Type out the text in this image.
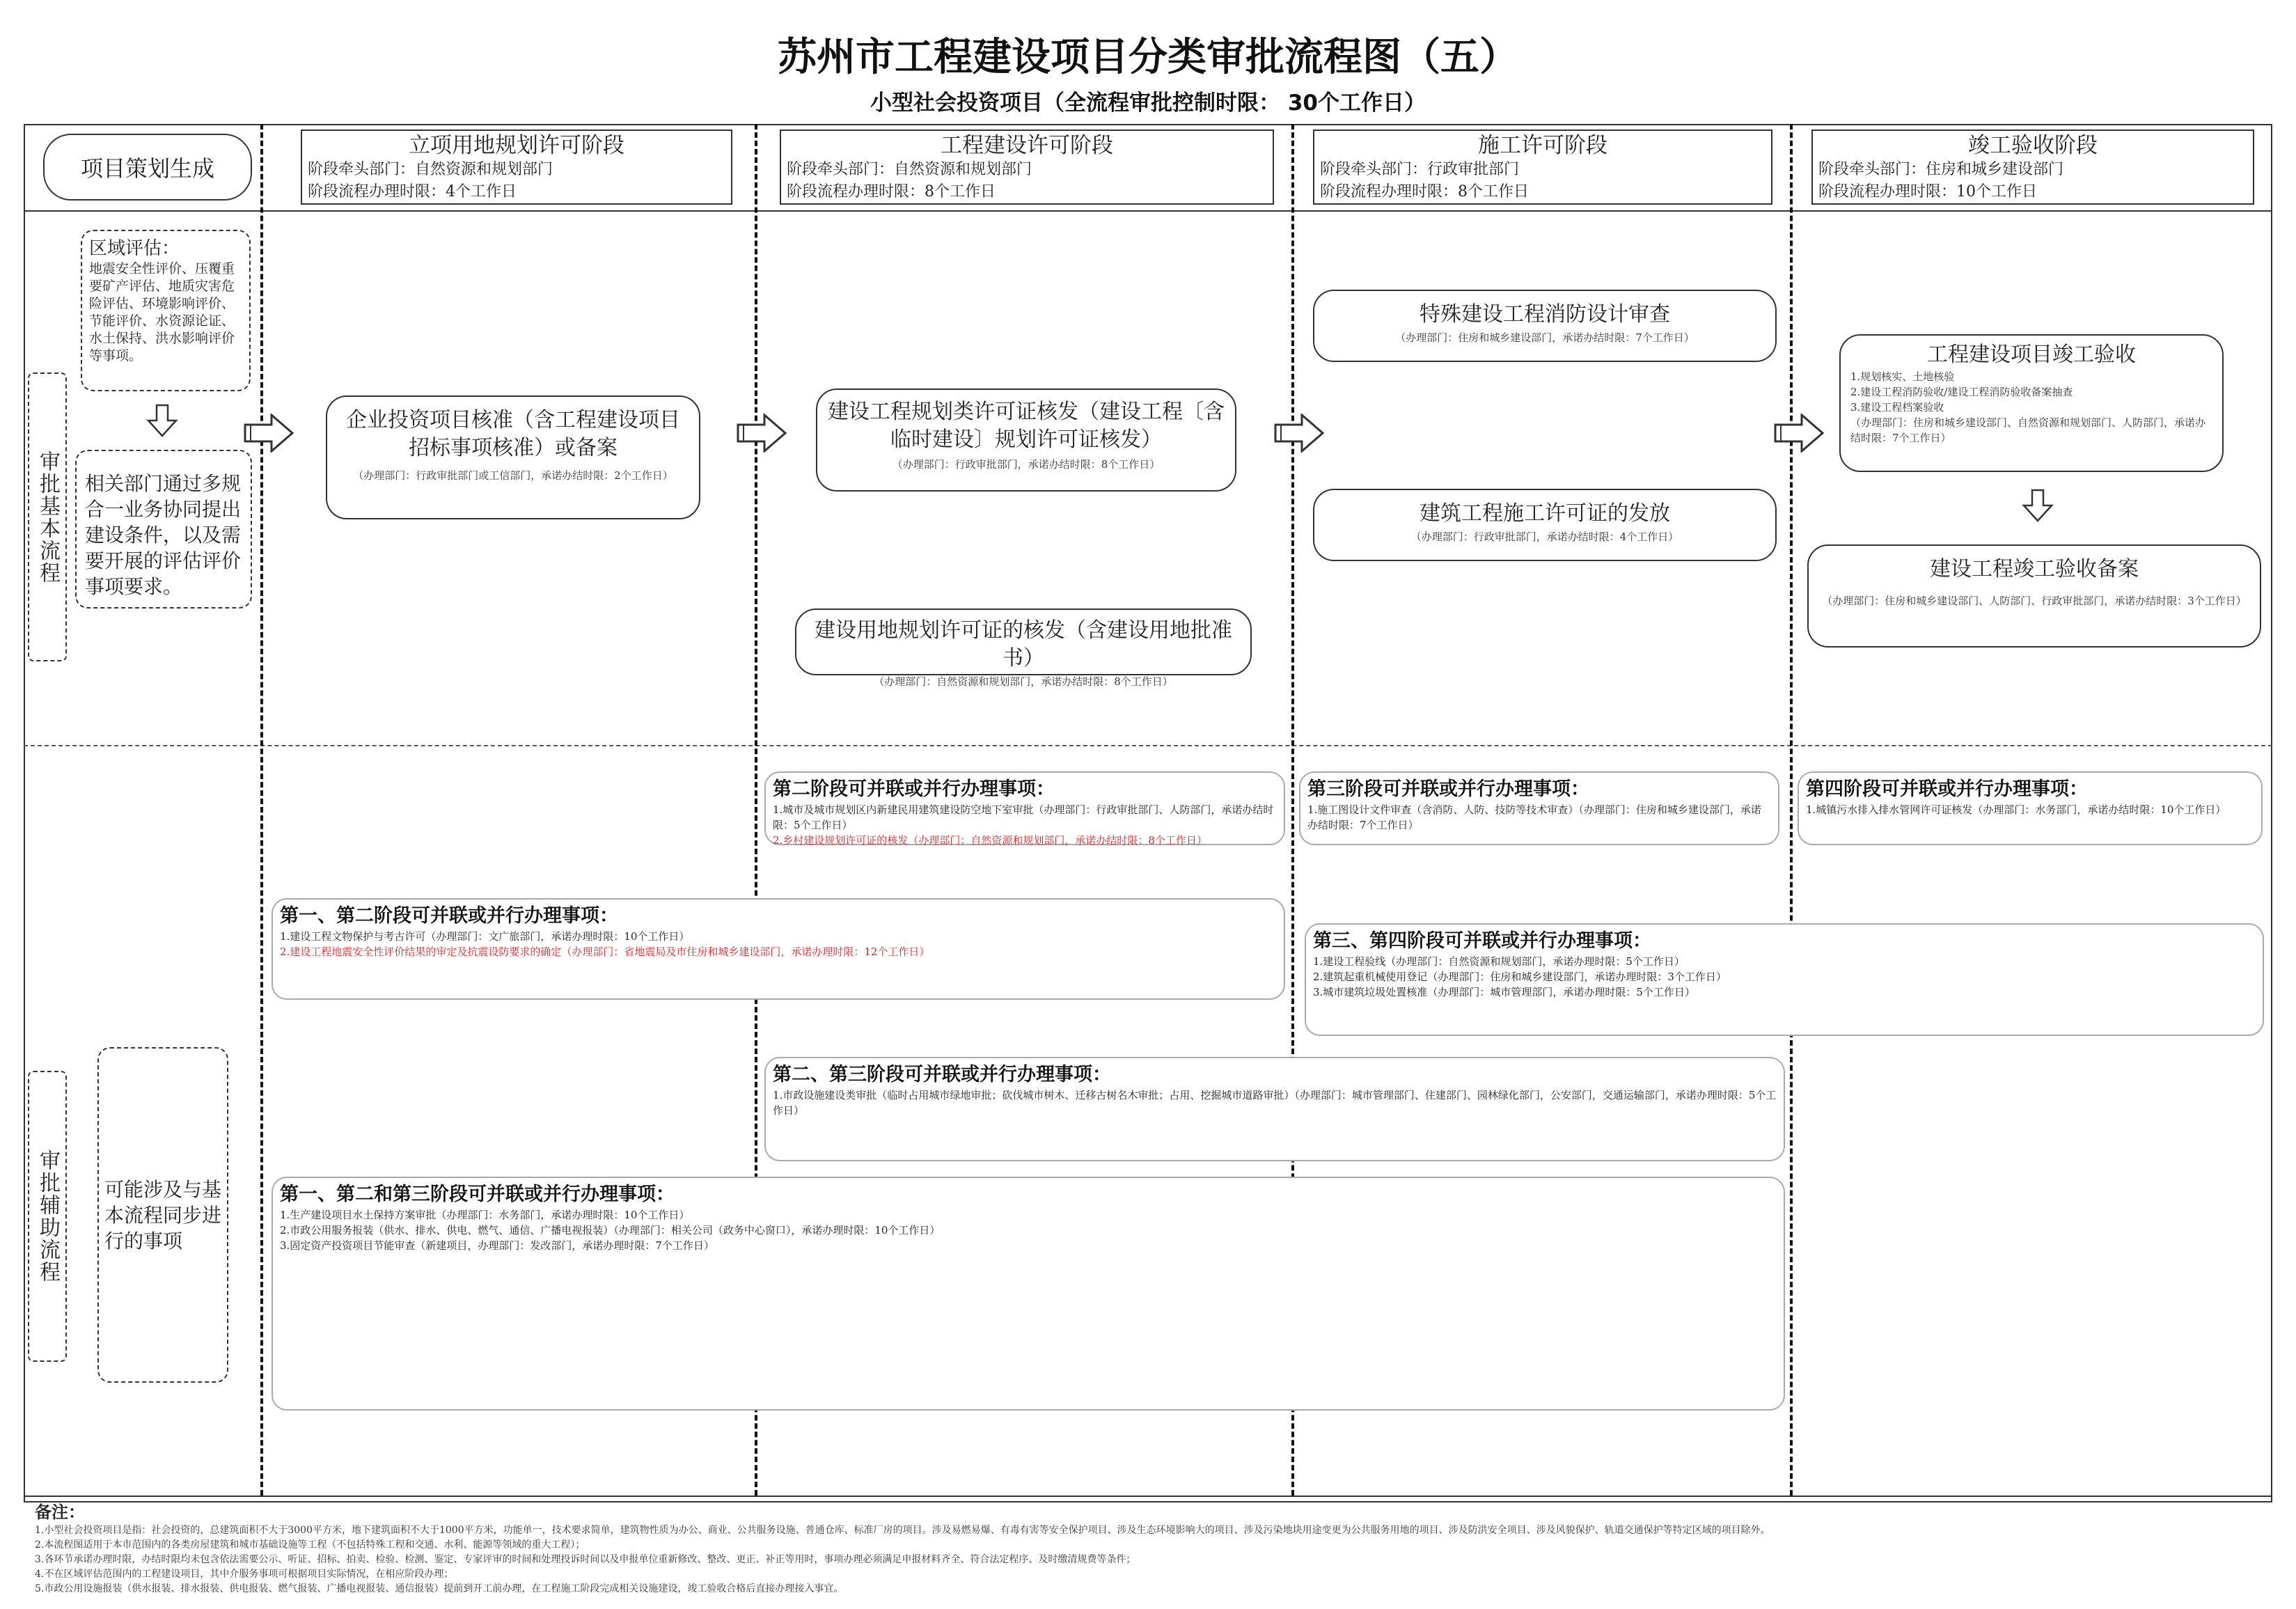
苏州市工程建设项目分类审批流程图（五）
小型社会投资项目（全流程审批控制时限： 30个工作日）
项目策划生成
立项用地规划许可阶段
阶段牵头部门：自然资源和规划部门
阶段流程办理时限：4个工作日
工程建设许可阶段
阶段牵头部门：自然资源和规划部门
阶段流程办理时限：8个工作日
施工许可阶段
阶段牵头部门：行政审批部门
阶段流程办理时限：8个工作日
竣工验收阶段
阶段牵头部门：住房和城乡建设部门
阶段流程办理时限：10个工作日
审批基本流程
审批辅助流程
区域评估：
地震安全性评价、压覆重要矿产评估、地质灾害危险评估、环境影响评价、节能评价、水资源论证、水土保持、洪水影响评价等事项。
相关部门通过多规合一业务协同提出建设条件，以及需要开展的评估评价事项要求。
可能涉及与基本流程同步进行的事项
企业投资项目核准（含工程建设项目招标事项核准）或备案
（办理部门：行政审批部门或工信部门，承诺办结时限：2个工作日）
建设工程规划类许可证核发（建设工程〔含临时建设〕规划许可证核发）
（办理部门：行政审批部门，承诺办结时限：8个工作日）
建设用地规划许可证的核发（含建设用地批准书）
（办理部门：自然资源和规划部门，承诺办结时限：8个工作日）
特殊建设工程消防设计审查
（办理部门：住房和城乡建设部门，承诺办结时限：7个工作日）
建筑工程施工许可证的发放
（办理部门：行政审批部门，承诺办结时限：4个工作日）
工程建设项目竣工验收
1.规划核实、土地核验
2.建设工程消防验收/建设工程消防验收备案抽查
3.建设工程档案验收
（办理部门：住房和城乡建设部门、自然资源和规划部门、人防部门，承诺办结时限：7个工作日）
建设工程竣工验收备案
（办理部门：住房和城乡建设部门、人防部门、行政审批部门，承诺办结时限：3个工作日）
第二阶段可并联或并行办理事项：
1.城市及城市规划区内新建民用建筑建设防空地下室审批（办理部门：行政审批部门、人防部门，承诺办结时限：5个工作日）
2.乡村建设规划许可证的核发（办理部门：自然资源和规划部门，承诺办结时限：8个工作日）
第三阶段可并联或并行办理事项：
1.施工图设计文件审查（含消防、人防、技防等技术审查）（办理部门：住房和城乡建设部门，承诺办结时限：7个工作日）
第四阶段可并联或并行办理事项：
1.城镇污水排入排水管网许可证核发（办理部门：水务部门，承诺办结时限：10个工作日）
第一、第二阶段可并联或并行办理事项：
1.建设工程文物保护与考古许可（办理部门：文广旅部门，承诺办理时限：10个工作日）
2.建设工程地震安全性评价结果的审定及抗震设防要求的确定（办理部门：省地震局及市住房和城乡建设部门，承诺办理时限：12个工作日）	第三、第四阶段可并联或并行办理事项：
1.建设工程验线（办理部门：自然资源和规划部门，承诺办理时限：5个工作日）
2.建筑起重机械使用登记（办理部门：住房和城乡建设部门，承诺办理时限：3个工作日）
3.城市建筑垃圾处置核准（办理部门：城市管理部门，承诺办理时限：5个工作日）
第二、第三阶段可并联或并行办理事项：
1.市政设施建设类审批（临时占用城市绿地审批；砍伐城市树木、迁移古树名木审批；占用、挖掘城市道路审批）（办理部门：城市管理部门、住建部门、园林绿化部门，公安部门，交通运输部门，承诺办理时限：5个工作日）
第一、第二和第三阶段可并联或并行办理事项：
1.生产建设项目水土保持方案审批（办理部门：水务部门，承诺办理时限：10个工作日）
2.市政公用服务报装（供水、排水、供电、燃气、通信、广播电视报装）（办理部门：相关公司（政务中心窗口），承诺办理时限：10个工作日）
3.固定资产投资项目节能审查（新建项目，办理部门：发改部门，承诺办理时限：7个工作日）
备注：
1.小型社会投资项目是指：社会投资的，总建筑面积不大于3000平方米，地下建筑面积不大于1000平方米，功能单一，技术要求简单，建筑物性质为办公、商业、公共服务设施、普通仓库、标准厂房的项目。涉及易燃易爆、有毒有害等安全保护项目、涉及生态环境影响大的项目、涉及污染地块用途变更为公共服务用地的项目、涉及防洪安全项目、涉及风貌保护、轨道交通保护等特定区域的项目除外。
2.本流程图适用于本市范围内的各类房屋建筑和城市基础设施等工程（不包括特殊工程和交通、水利、能源等领域的重大工程）；
3.各环节承诺办理时限，办结时限均未包含依法需要公示、听证、招标、拍卖、检验、检测、鉴定、专家评审的时间和处理投诉时间以及申报单位重新修改、整改、更正、补正等用时，事项办理必须满足申报材料齐全、符合法定程序、及时缴清规费等条件；
4.不在区域评估范围内的工程建设项目，其中介服务事项可根据项目实际情况，在相应阶段办理；
5.市政公用设施报装（供水报装、排水报装、供电报装、燃气报装、广播电视报装、通信报装）提前到开工前办理，在工程施工阶段完成相关设施建设，竣工验收合格后直接办理接入事宜。
